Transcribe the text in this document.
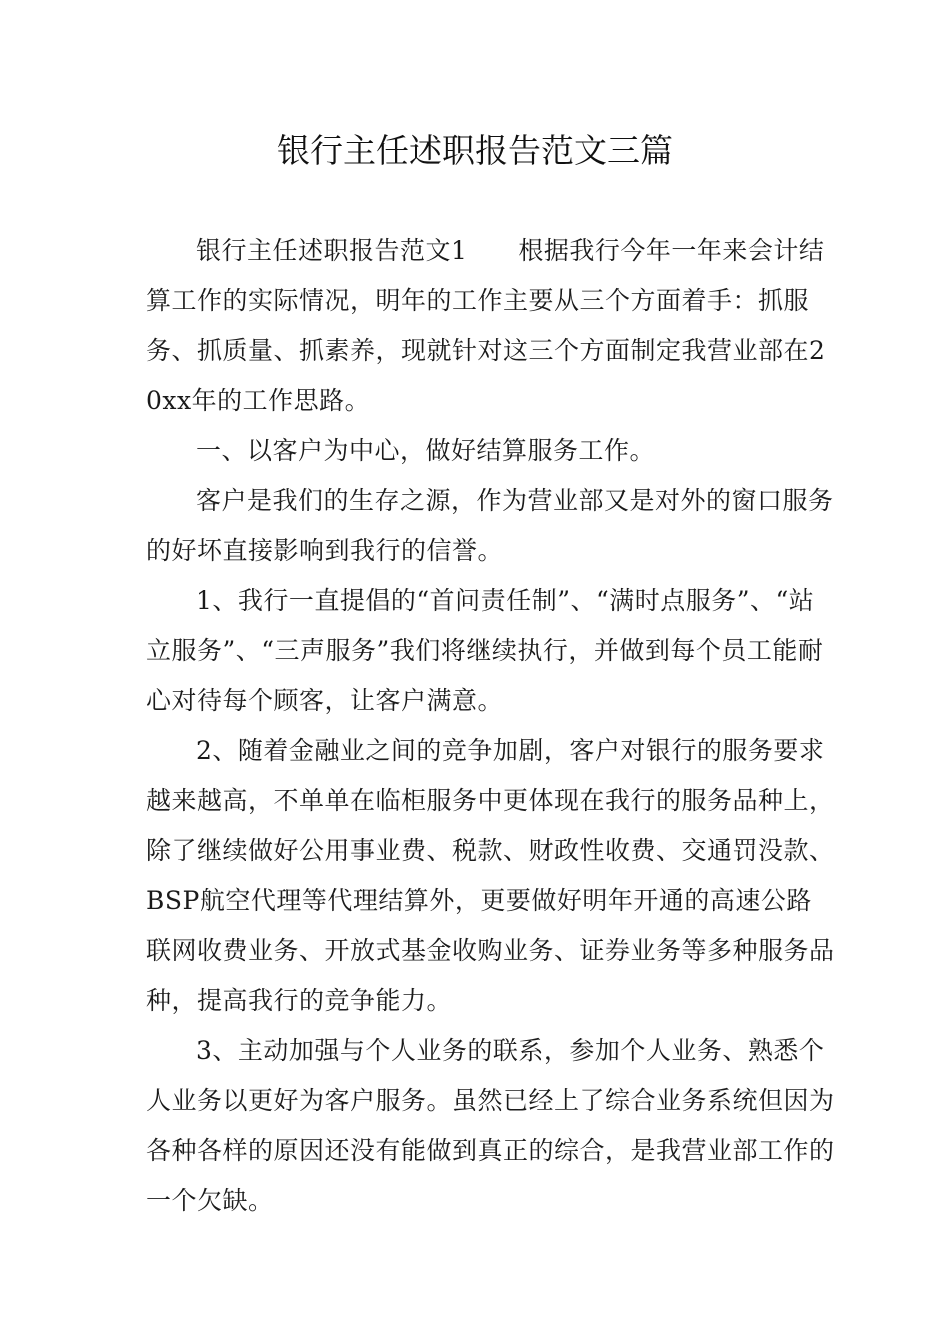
银行主任述职报告范文三篇

银行主任述职报告范文1　　根据我行今年一年来会计结算工作的实际情况，明年的工作主要从三个方面着手：抓服务、抓质量、抓素养，现就针对这三个方面制定我营业部在20xx年的工作思路。

一、以客户为中心，做好结算服务工作。

客户是我们的生存之源，作为营业部又是对外的窗口服务的好坏直接影响到我行的信誉。

1、我行一直提倡的“首问责任制”、“满时点服务”、“站立服务”、“三声服务”我们将继续执行，并做到每个员工能耐心对待每个顾客，让客户满意。

2、随着金融业之间的竞争加剧，客户对银行的服务要求越来越高，不单单在临柜服务中更体现在我行的服务品种上，除了继续做好公用事业费、税款、财政性收费、交通罚没款、BSP航空代理等代理结算外，更要做好明年开通的高速公路联网收费业务、开放式基金收购业务、证券业务等多种服务品种，提高我行的竞争能力。

3、主动加强与个人业务的联系，参加个人业务、熟悉个人业务以更好为客户服务。虽然已经上了综合业务系统但因为各种各样的原因还没有能做到真正的综合，是我营业部工作的一个欠缺。
